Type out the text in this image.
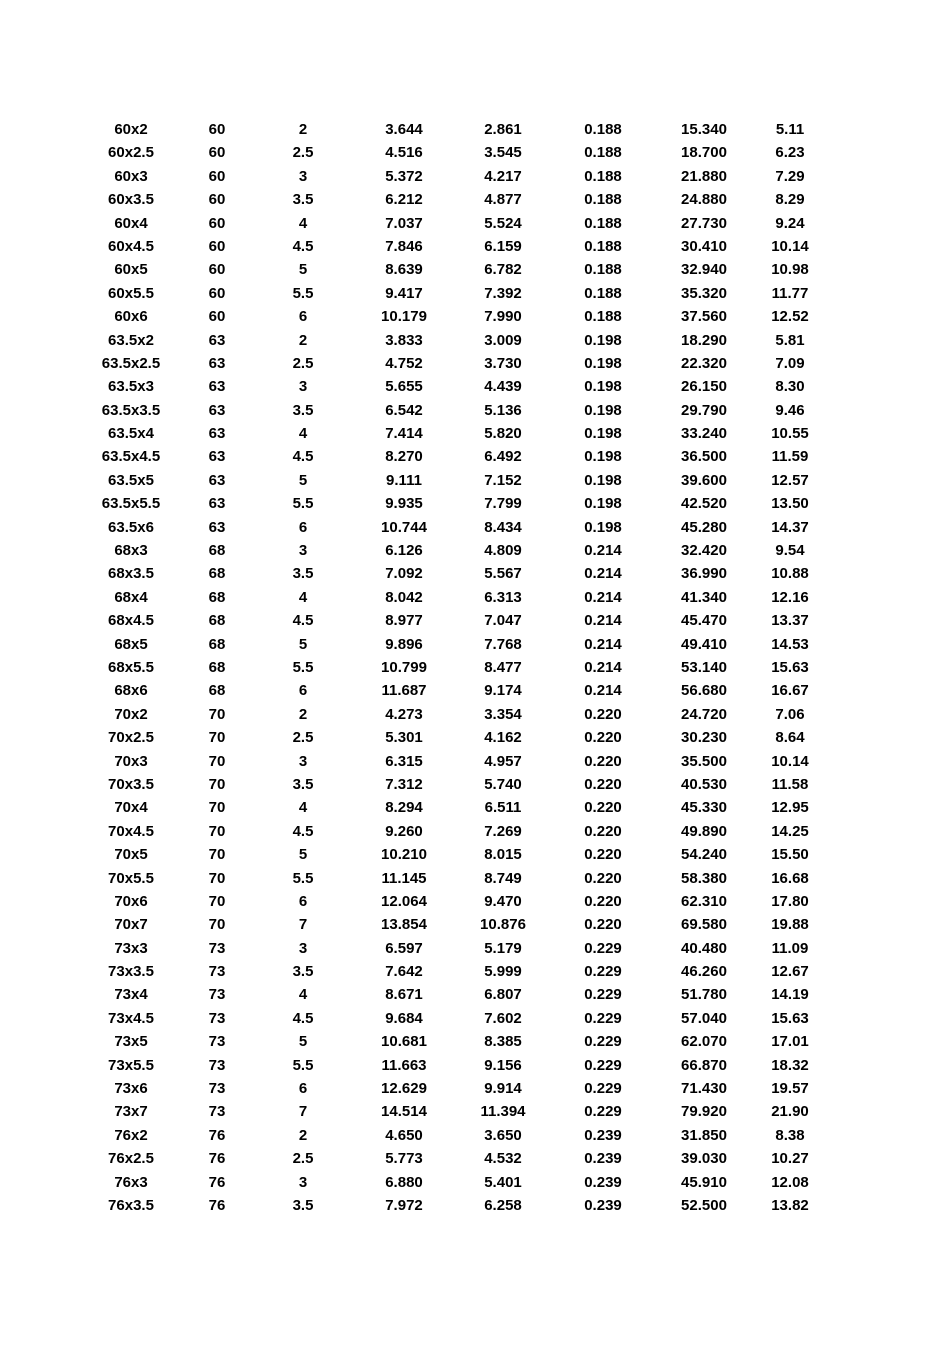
60x2	60	2	3.644	2.861	0.188	15.340	5.11
60x2.5	60	2.5	4.516	3.545	0.188	18.700	6.23
60x3	60	3	5.372	4.217	0.188	21.880	7.29
60x3.5	60	3.5	6.212	4.877	0.188	24.880	8.29
60x4	60	4	7.037	5.524	0.188	27.730	9.24
60x4.5	60	4.5	7.846	6.159	0.188	30.410	10.14
60x5	60	5	8.639	6.782	0.188	32.940	10.98
60x5.5	60	5.5	9.417	7.392	0.188	35.320	11.77
60x6	60	6	10.179	7.990	0.188	37.560	12.52
63.5x2	63	2	3.833	3.009	0.198	18.290	5.81
63.5x2.5	63	2.5	4.752	3.730	0.198	22.320	7.09
63.5x3	63	3	5.655	4.439	0.198	26.150	8.30
63.5x3.5	63	3.5	6.542	5.136	0.198	29.790	9.46
63.5x4	63	4	7.414	5.820	0.198	33.240	10.55
63.5x4.5	63	4.5	8.270	6.492	0.198	36.500	11.59
63.5x5	63	5	9.111	7.152	0.198	39.600	12.57
63.5x5.5	63	5.5	9.935	7.799	0.198	42.520	13.50
63.5x6	63	6	10.744	8.434	0.198	45.280	14.37
68x3	68	3	6.126	4.809	0.214	32.420	9.54
68x3.5	68	3.5	7.092	5.567	0.214	36.990	10.88
68x4	68	4	8.042	6.313	0.214	41.340	12.16
68x4.5	68	4.5	8.977	7.047	0.214	45.470	13.37
68x5	68	5	9.896	7.768	0.214	49.410	14.53
68x5.5	68	5.5	10.799	8.477	0.214	53.140	15.63
68x6	68	6	11.687	9.174	0.214	56.680	16.67
70x2	70	2	4.273	3.354	0.220	24.720	7.06
70x2.5	70	2.5	5.301	4.162	0.220	30.230	8.64
70x3	70	3	6.315	4.957	0.220	35.500	10.14
70x3.5	70	3.5	7.312	5.740	0.220	40.530	11.58
70x4	70	4	8.294	6.511	0.220	45.330	12.95
70x4.5	70	4.5	9.260	7.269	0.220	49.890	14.25
70x5	70	5	10.210	8.015	0.220	54.240	15.50
70x5.5	70	5.5	11.145	8.749	0.220	58.380	16.68
70x6	70	6	12.064	9.470	0.220	62.310	17.80
70x7	70	7	13.854	10.876	0.220	69.580	19.88
73x3	73	3	6.597	5.179	0.229	40.480	11.09
73x3.5	73	3.5	7.642	5.999	0.229	46.260	12.67
73x4	73	4	8.671	6.807	0.229	51.780	14.19
73x4.5	73	4.5	9.684	7.602	0.229	57.040	15.63
73x5	73	5	10.681	8.385	0.229	62.070	17.01
73x5.5	73	5.5	11.663	9.156	0.229	66.870	18.32
73x6	73	6	12.629	9.914	0.229	71.430	19.57
73x7	73	7	14.514	11.394	0.229	79.920	21.90
76x2	76	2	4.650	3.650	0.239	31.850	8.38
76x2.5	76	2.5	5.773	4.532	0.239	39.030	10.27
76x3	76	3	6.880	5.401	0.239	45.910	12.08
76x3.5	76	3.5	7.972	6.258	0.239	52.500	13.82
